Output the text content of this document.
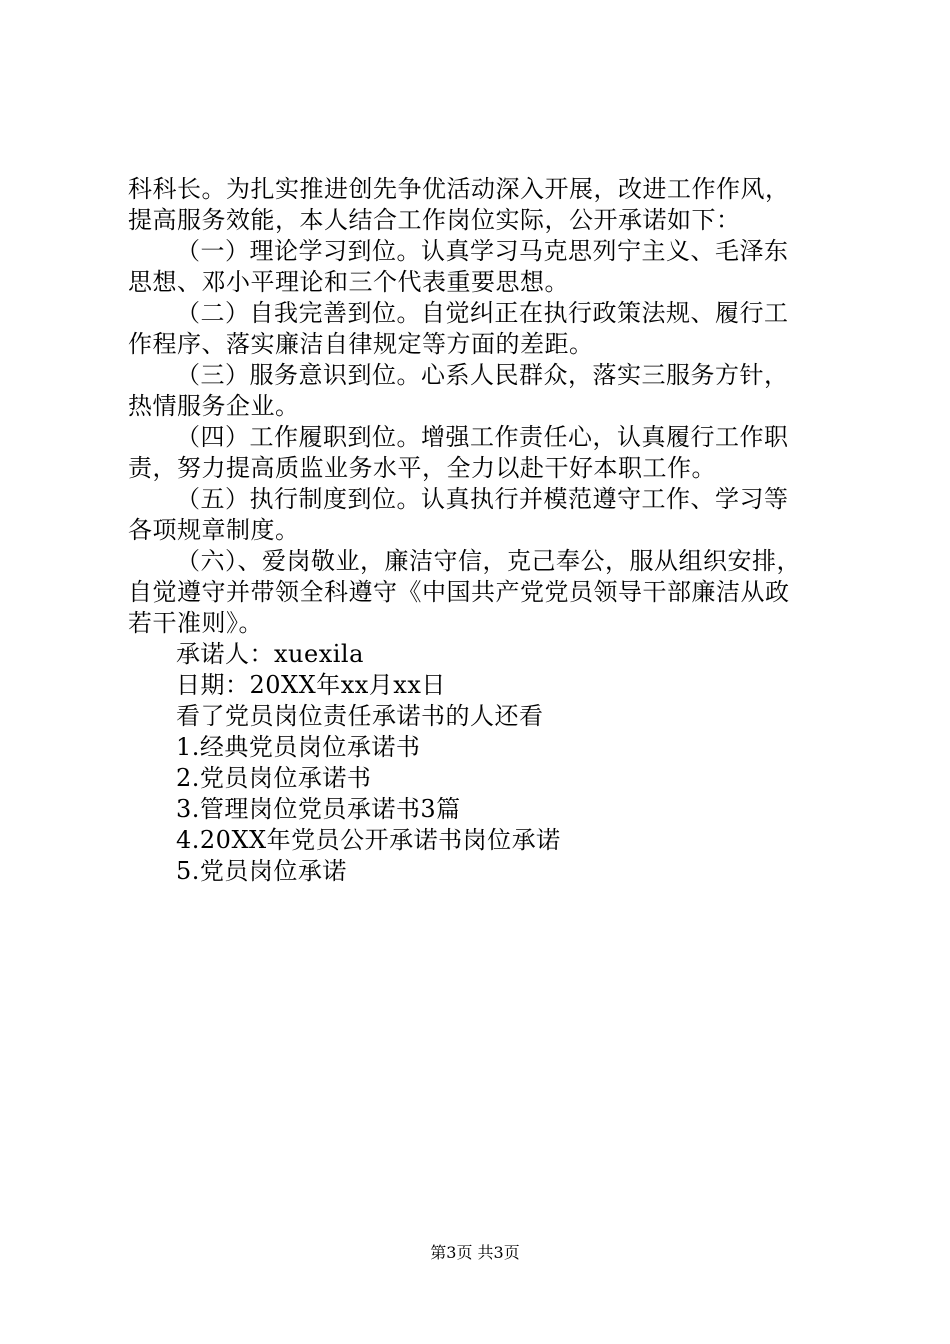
科科长。为扎实推进创先争优活动深入开展，改进工作作风，
提高服务效能，本人结合工作岗位实际，公开承诺如下：
（一）理论学习到位。认真学习马克思列宁主义、毛泽东
思想、邓小平理论和三个代表重要思想。
（二）自我完善到位。自觉纠正在执行政策法规、履行工
作程序、落实廉洁自律规定等方面的差距。
（三）服务意识到位。心系人民群众，落实三服务方针，
热情服务企业。
（四）工作履职到位。增强工作责任心，认真履行工作职
责，努力提高质监业务水平，全力以赴干好本职工作。
（五）执行制度到位。认真执行并模范遵守工作、学习等
各项规章制度。
（六）、爱岗敬业，廉洁守信，克己奉公，服从组织安排，
自觉遵守并带领全科遵守《中国共产党党员领导干部廉洁从政
若干准则》。
承诺人：xuexila
日期：20XX年xx月xx日
看了党员岗位责任承诺书的人还看
1.经典党员岗位承诺书
2.党员岗位承诺书
3.管理岗位党员承诺书3篇
4.20XX年党员公开承诺书岗位承诺
5.党员岗位承诺
第3页 共3页
